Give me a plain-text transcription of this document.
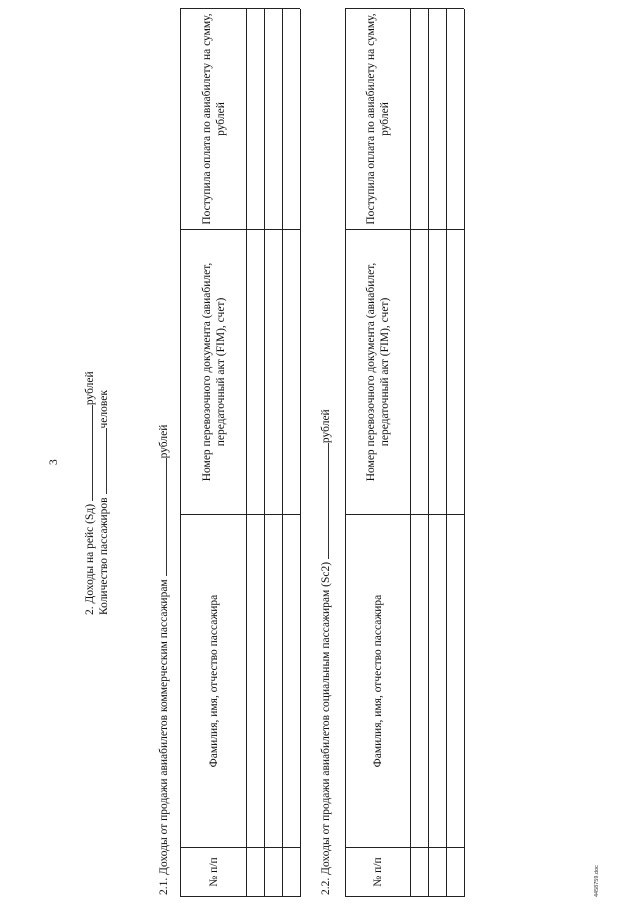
3
2. Доходы на рейс (Sд) рублей
Количество пассажиров человек
2.1. Доходы от продажи авиабилетов коммерческим пассажирам рублей
№ п/п
Фамилия, имя, отчество пассажира
Номер перевозочного документа (авиабилет, передаточный акт (FIM), счет)
Поступила оплата по авиабилету на сумму, рублей
2.2. Доходы от продажи авиабилетов социальным пассажирам (Sc2) рублей
№ п/п
Фамилия, имя, отчество пассажира
Номер перевозочного документа (авиабилет, передаточный акт (FIM), счет)
Поступила оплата по авиабилету на сумму, рублей
4458759.doc
